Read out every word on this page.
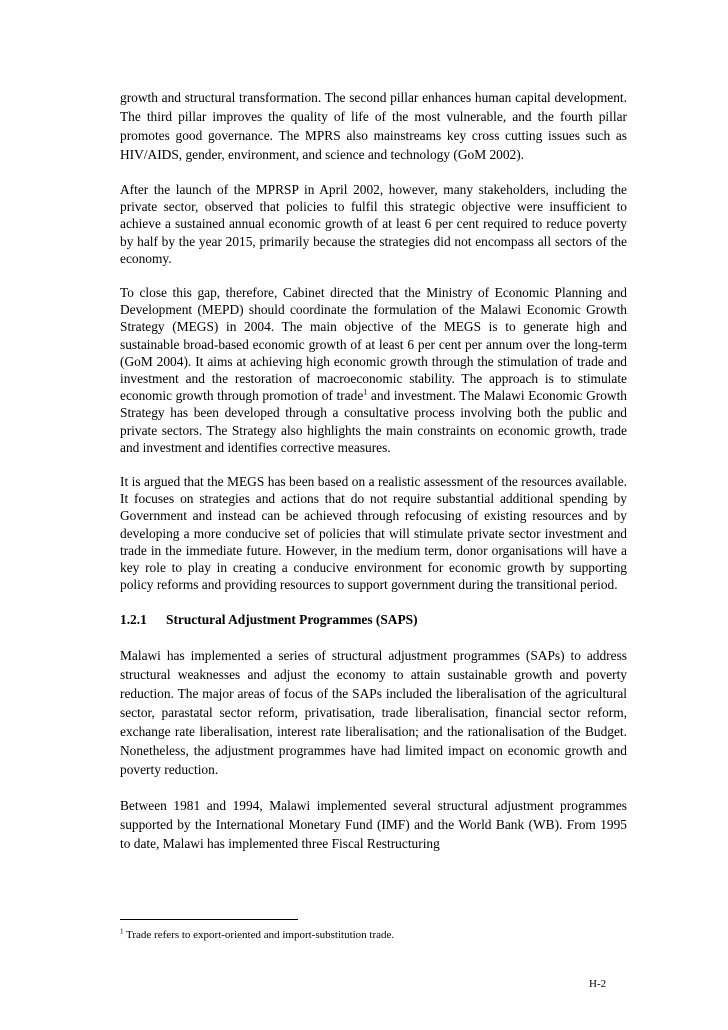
growth and structural transformation. The second pillar enhances human capital development. The third pillar improves the quality of life of the most vulnerable, and the fourth pillar promotes good governance. The MPRS also mainstreams key cross cutting issues such as HIV/AIDS, gender, environment, and science and technology (GoM 2002).

After the launch of the MPRSP in April 2002, however, many stakeholders, including the private sector, observed that policies to fulfil this strategic objective were insufficient to achieve a sustained annual economic growth of at least 6 per cent required to reduce poverty by half by the year 2015, primarily because the strategies did not encompass all sectors of the economy.

To close this gap, therefore, Cabinet directed that the Ministry of Economic Planning and Development (MEPD) should coordinate the formulation of the Malawi Economic Growth Strategy (MEGS) in 2004. The main objective of the MEGS is to generate high and sustainable broad-based economic growth of at least 6 per cent per annum over the long-term (GoM 2004). It aims at achieving high economic growth through the stimulation of trade and investment and the restoration of macroeconomic stability. The approach is to stimulate economic growth through promotion of trade$^1$ and investment. The Malawi Economic Growth Strategy has been developed through a consultative process involving both the public and private sectors. The Strategy also highlights the main constraints on economic growth, trade and investment and identifies corrective measures.

It is argued that the MEGS has been based on a realistic assessment of the resources available. It focuses on strategies and actions that do not require substantial additional spending by Government and instead can be achieved through refocusing of existing resources and by developing a more conducive set of policies that will stimulate private sector investment and trade in the immediate future. However, in the medium term, donor organisations will have a key role to play in creating a conducive environment for economic growth by supporting policy reforms and providing resources to support government during the transitional period.

1.2.1 Structural Adjustment Programmes (SAPS)

Malawi has implemented a series of structural adjustment programmes (SAPs) to address structural weaknesses and adjust the economy to attain sustainable growth and poverty reduction. The major areas of focus of the SAPs included the liberalisation of the agricultural sector, parastatal sector reform, privatisation, trade liberalisation, financial sector reform, exchange rate liberalisation, interest rate liberalisation; and the rationalisation of the Budget. Nonetheless, the adjustment programmes have had limited impact on economic growth and poverty reduction.

Between 1981 and 1994, Malawi implemented several structural adjustment programmes supported by the International Monetary Fund (IMF) and the World Bank (WB). From 1995 to date, Malawi has implemented three Fiscal Restructuring

$^1$ Trade refers to export-oriented and import-substitution trade.
H-2
